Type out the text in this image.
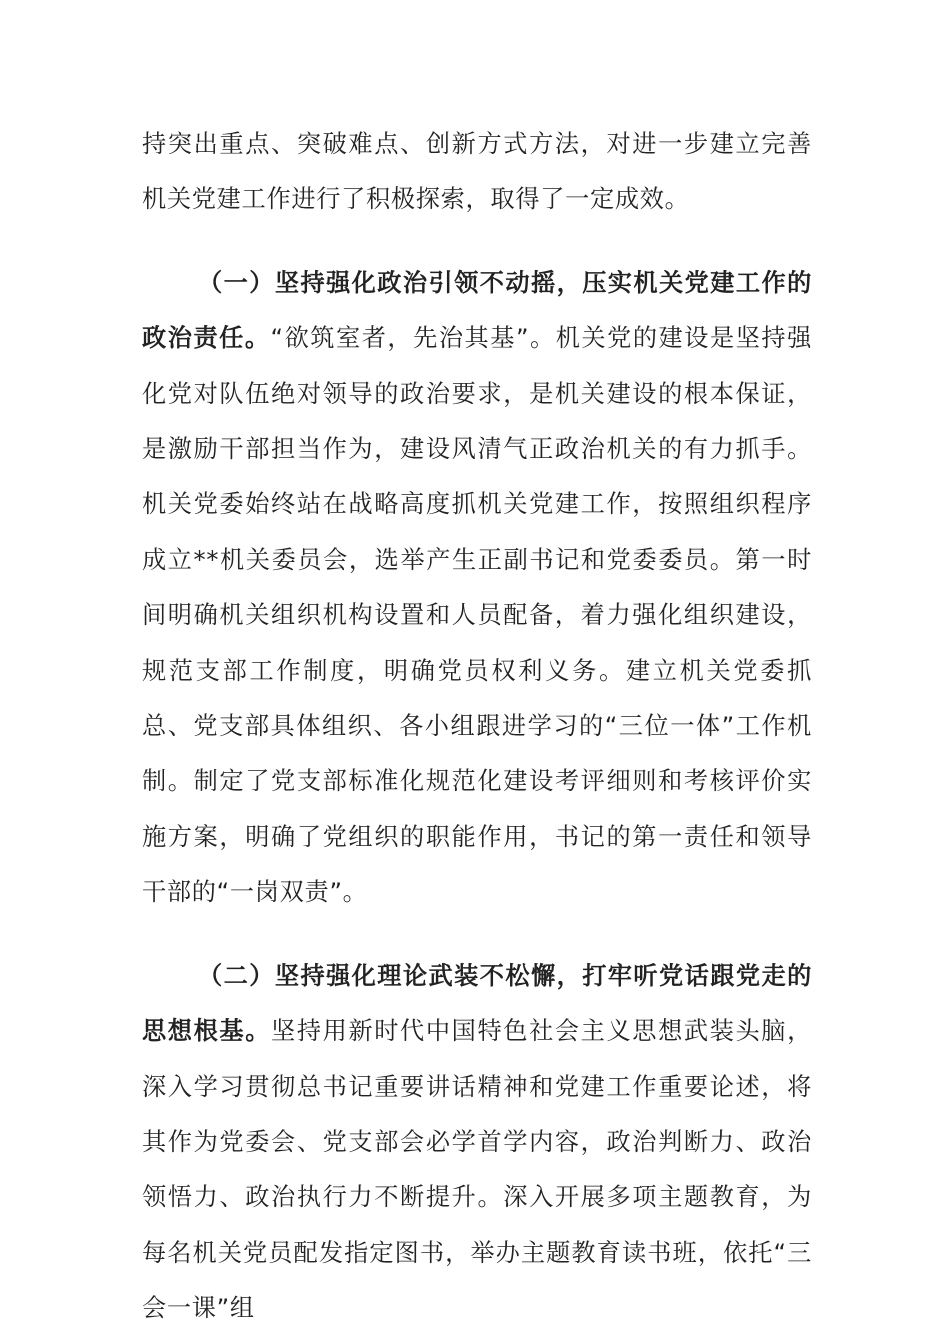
持突出重点、突破难点、创新方式方法，对进一步建立完善机关党建工作进行了积极探索，取得了一定成效。

（一）坚持强化政治引领不动摇，压实机关党建工作的政治责任。“欲筑室者，先治其基”。机关党的建设是坚持强化党对队伍绝对领导的政治要求，是机关建设的根本保证，是激励干部担当作为，建设风清气正政治机关的有力抓手。机关党委始终站在战略高度抓机关党建工作，按照组织程序成立**机关委员会，选举产生正副书记和党委委员。第一时间明确机关组织机构设置和人员配备，着力强化组织建设，规范支部工作制度，明确党员权利义务。建立机关党委抓总、党支部具体组织、各小组跟进学习的“三位一体”工作机制。制定了党支部标准化规范化建设考评细则和考核评价实施方案，明确了党组织的职能作用，书记的第一责任和领导干部的“一岗双责”。

（二）坚持强化理论武装不松懈，打牢听党话跟党走的思想根基。坚持用新时代中国特色社会主义思想武装头脑，深入学习贯彻总书记重要讲话精神和党建工作重要论述，将其作为党委会、党支部会必学首学内容，政治判断力、政治领悟力、政治执行力不断提升。深入开展多项主题教育，为每名机关党员配发指定图书，举办主题教育读书班，依托“三会一课”组
